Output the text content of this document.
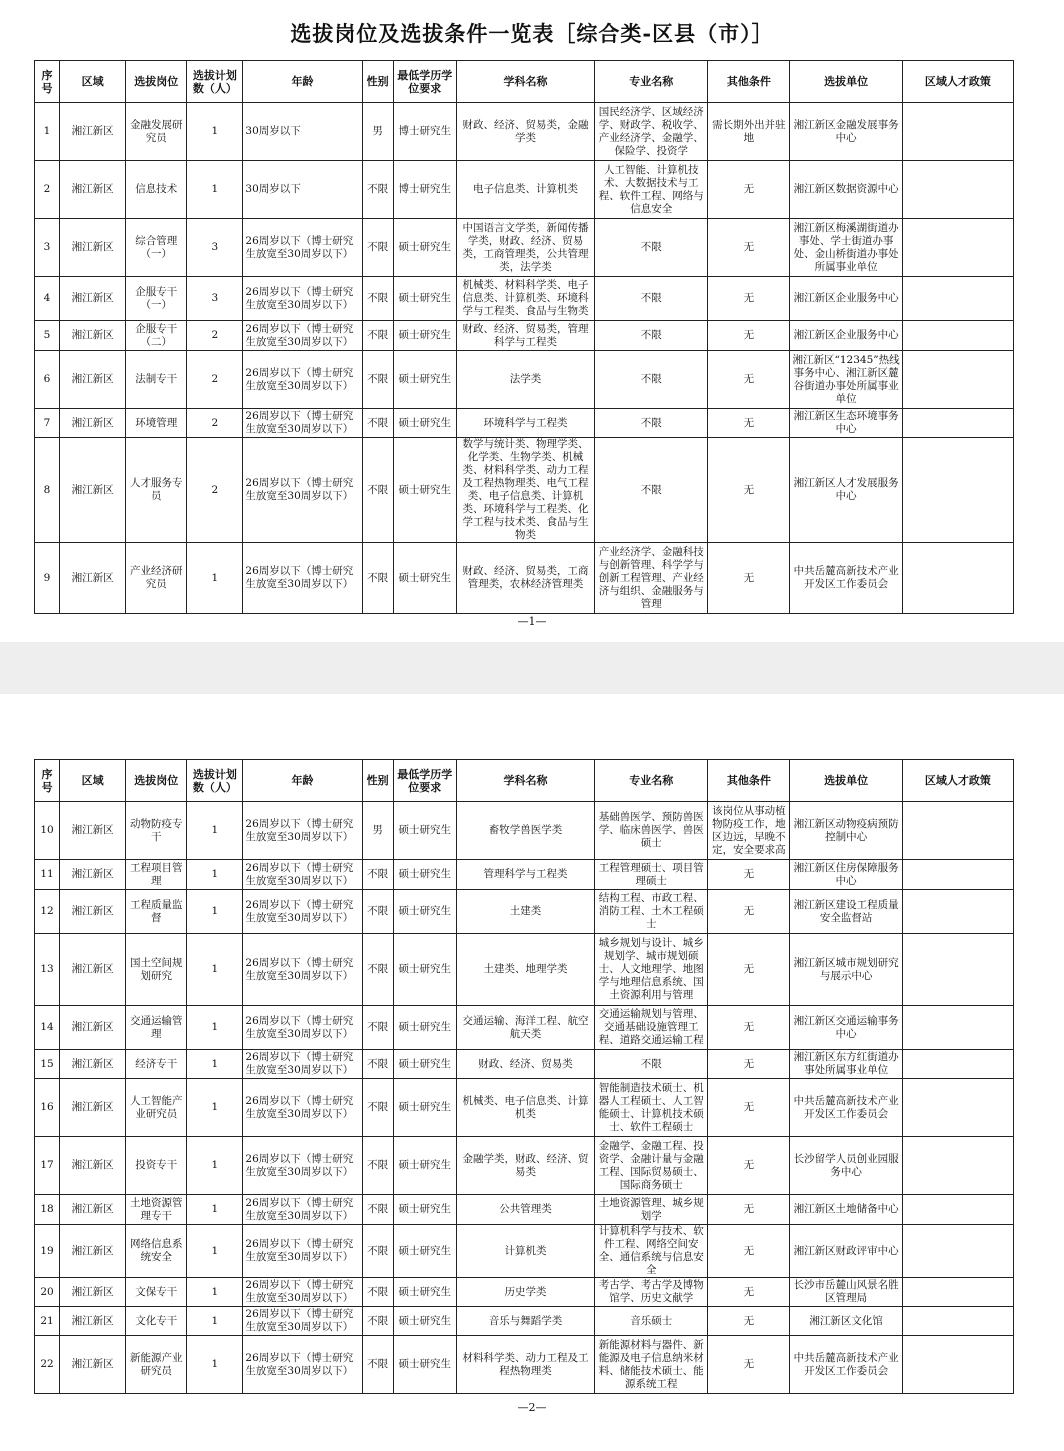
选拔岗位及选拔条件一览表［综合类-区县（市）］
序号	区域	选拔岗位	选拔计划数（人）	年龄	性别	最低学历学位要求	学科名称	专业名称	其他条件	选拔单位	区域人才政策
1	湘江新区	金融发展研究员	1	30周岁以下	男	博士研究生	财政、经济、贸易类，金融学类	国民经济学、区域经济学、财政学、税收学、产业经济学、金融学、保险学、投资学	需长期外出并驻地	湘江新区金融发展事务中心	
2	湘江新区	信息技术	1	30周岁以下	不限	博士研究生	电子信息类、计算机类	人工智能、计算机技术、大数据技术与工程、软件工程、网络与信息安全	无	湘江新区数据资源中心	
3	湘江新区	综合管理（一）	3	26周岁以下（博士研究生放宽至30周岁以下）	不限	硕士研究生	中国语言文学类，新闻传播学类，财政、经济、贸易类，工商管理类，公共管理类，法学类	不限	无	湘江新区梅溪湖街道办事处、学士街道办事处、金山桥街道办事处所属事业单位	
4	湘江新区	企服专干（一）	3	26周岁以下（博士研究生放宽至30周岁以下）	不限	硕士研究生	机械类、材料科学类、电子信息类、计算机类、环境科学与工程类、食品与生物类	不限	无	湘江新区企业服务中心	
5	湘江新区	企服专干（二）	2	26周岁以下（博士研究生放宽至30周岁以下）	不限	硕士研究生	财政、经济、贸易类，管理科学与工程类	不限	无	湘江新区企业服务中心	
6	湘江新区	法制专干	2	26周岁以下（博士研究生放宽至30周岁以下）	不限	硕士研究生	法学类	不限	无	湘江新区“12345”热线事务中心、湘江新区麓谷街道办事处所属事业单位	
7	湘江新区	环境管理	2	26周岁以下（博士研究生放宽至30周岁以下）	不限	硕士研究生	环境科学与工程类	不限	无	湘江新区生态环境事务中心	
8	湘江新区	人才服务专员	2	26周岁以下（博士研究生放宽至30周岁以下）	不限	硕士研究生	数学与统计类、物理学类、化学类、生物学类、机械类、材料科学类、动力工程及工程热物理类、电气工程类、电子信息类、计算机类、环境科学与工程类、化学工程与技术类、食品与生物类	不限	无	湘江新区人才发展服务中心	
9	湘江新区	产业经济研究员	1	26周岁以下（博士研究生放宽至30周岁以下）	不限	硕士研究生	财政、经济、贸易类，工商管理类，农林经济管理类	产业经济学、金融科技与创新管理、科学学与创新工程管理、产业经济与组织、金融服务与管理	无	中共岳麓高新技术产业开发区工作委员会	
—1—
序号	区域	选拔岗位	选拔计划数（人）	年龄	性别	最低学历学位要求	学科名称	专业名称	其他条件	选拔单位	区域人才政策
10	湘江新区	动物防疫专干	1	26周岁以下（博士研究生放宽至30周岁以下）	男	硕士研究生	畜牧学兽医学类	基础兽医学、预防兽医学、临床兽医学、兽医硕士	该岗位从事动植物防疫工作，地区边远，早晚不定，安全要求高	湘江新区动物疫病预防控制中心	
11	湘江新区	工程项目管理	1	26周岁以下（博士研究生放宽至30周岁以下）	不限	硕士研究生	管理科学与工程类	工程管理硕士、项目管理硕士	无	湘江新区住房保障服务中心	
12	湘江新区	工程质量监督	1	26周岁以下（博士研究生放宽至30周岁以下）	不限	硕士研究生	土建类	结构工程、市政工程、消防工程、土木工程硕士	无	湘江新区建设工程质量安全监督站	
13	湘江新区	国土空间规划研究	1	26周岁以下（博士研究生放宽至30周岁以下）	不限	硕士研究生	土建类、地理学类	城乡规划与设计、城乡规划学、城市规划硕士、人文地理学、地图学与地理信息系统、国土资源利用与管理	无	湘江新区城市规划研究与展示中心	
14	湘江新区	交通运输管理	1	26周岁以下（博士研究生放宽至30周岁以下）	不限	硕士研究生	交通运输、海洋工程、航空航天类	交通运输规划与管理、交通基础设施管理工程、道路交通运输工程	无	湘江新区交通运输事务中心	
15	湘江新区	经济专干	1	26周岁以下（博士研究生放宽至30周岁以下）	不限	硕士研究生	财政、经济、贸易类	不限	无	湘江新区东方红街道办事处所属事业单位	
16	湘江新区	人工智能产业研究员	1	26周岁以下（博士研究生放宽至30周岁以下）	不限	硕士研究生	机械类、电子信息类、计算机类	智能制造技术硕士、机器人工程硕士、人工智能硕士、计算机技术硕士、软件工程硕士	无	中共岳麓高新技术产业开发区工作委员会	
17	湘江新区	投资专干	1	26周岁以下（博士研究生放宽至30周岁以下）	不限	硕士研究生	金融学类，财政、经济、贸易类	金融学、金融工程、投资学、金融计量与金融工程、国际贸易硕士、国际商务硕士	无	长沙留学人员创业园服务中心	
18	湘江新区	土地资源管理专干	1	26周岁以下（博士研究生放宽至30周岁以下）	不限	硕士研究生	公共管理类	土地资源管理、城乡规划学	无	湘江新区土地储备中心	
19	湘江新区	网络信息系统安全	1	26周岁以下（博士研究生放宽至30周岁以下）	不限	硕士研究生	计算机类	计算机科学与技术、软件工程、网络空间安全、通信系统与信息安全	无	湘江新区财政评审中心	
20	湘江新区	文保专干	1	26周岁以下（博士研究生放宽至30周岁以下）	不限	硕士研究生	历史学类	考古学、考古学及博物馆学、历史文献学	无	长沙市岳麓山风景名胜区管理局	
21	湘江新区	文化专干	1	26周岁以下（博士研究生放宽至30周岁以下）	不限	硕士研究生	音乐与舞蹈学类	音乐硕士	无	湘江新区文化馆	
22	湘江新区	新能源产业研究员	1	26周岁以下（博士研究生放宽至30周岁以下）	不限	硕士研究生	材料科学类、动力工程及工程热物理类	新能源材料与器件、新能源及电子信息纳米材料、储能技术硕士、能源系统工程	无	中共岳麓高新技术产业开发区工作委员会	
—2—
